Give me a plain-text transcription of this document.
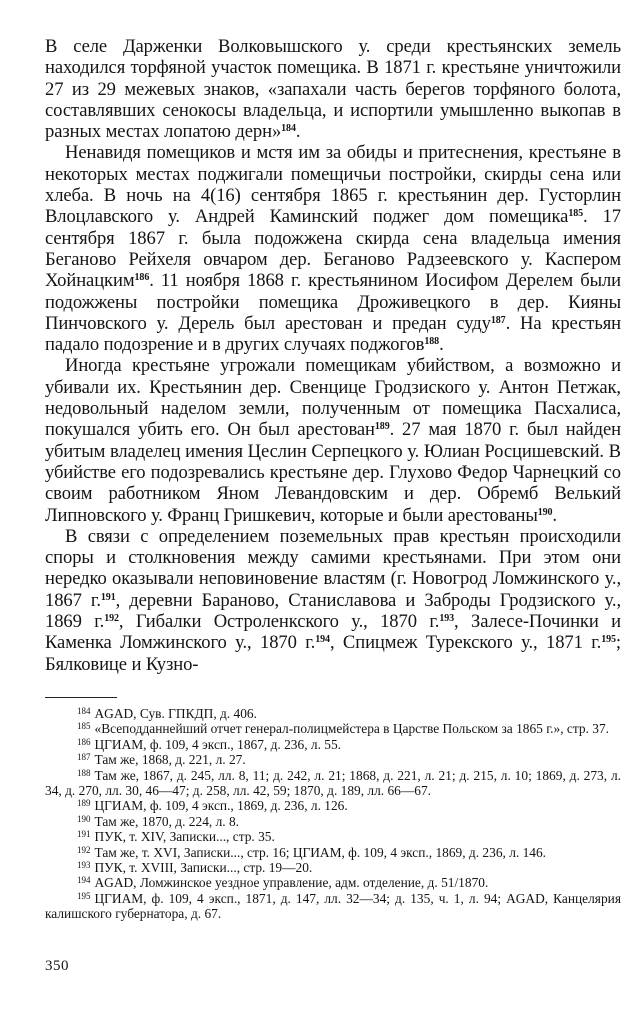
В селе Дарженки Волковышского у. среди крестьянских земель находился торфяной участок помещика. В 1871 г. крестьяне уничтожили 27 из 29 межевых знаков, «запахали часть берегов торфяного болота, составлявших сенокосы владельца, и испортили умышленно выкопав в разных местах лопатою дерн»$^{184}$.

Ненавидя помещиков и мстя им за обиды и притеснения, крестьяне в некоторых местах поджигали помещичьи постройки, скирды сена или хлеба. В ночь на 4(16) сентября 1865 г. крестьянин дер. Густорлин Влоцлавского у. Андрей Каминский поджег дом помещика$^{185}$. 17 сентября 1867 г. была подожжена скирда сена владельца имения Беганово Рейхеля овчаром дер. Беганово Радзеевского у. Каспером Хойнацким$^{186}$. 11 ноября 1868 г. крестьянином Иосифом Дерелем были подожжены постройки помещика Дроживецкого в дер. Кияны Пинчовского у. Дерель был арестован и предан суду$^{187}$. На крестьян падало подозрение и в других случаях поджогов$^{188}$.

Иногда крестьяне угрожали помещикам убийством, а возможно и убивали их. Крестьянин дер. Свенцице Гродзиского у. Антон Петжак, недовольный наделом земли, полученным от помещика Пасхалиса, покушался убить его. Он был арестован$^{189}$. 27 мая 1870 г. был найден убитым владелец имения Цеслин Серпецкого у. Юлиан Росцишевский. В убийстве его подозревались крестьяне дер. Глухово Федор Чарнецкий со своим работником Яном Левандовским и дер. Обремб Велький Липновского у. Франц Гришкевич, которые и были арестованы$^{190}$.

В связи с определением поземельных прав крестьян происходили споры и столкновения между самими крестьянами. При этом они нередко оказывали неповиновение властям (г. Новогрод Ломжинского у., 1867 г.$^{191}$, деревни Бараново, Станиславова и Заброды Гродзиского у., 1869 г.$^{192}$, Гибалки Остроленкского у., 1870 г.$^{193}$, Залесе-Починки и Каменка Ломжинского у., 1870 г.$^{194}$, Спицмеж Турекского у., 1871 г.$^{195}$; Бялковице и Кузно-

$^{184}$ AGAD, Сув. ГПКДП, д. 406.

$^{185}$ «Всеподданнейший отчет генерал-полицмейстера в Царстве Польском за 1865 г.», стр. 37.

$^{186}$ ЦГИАМ, ф. 109, 4 эксп., 1867, д. 236, л. 55.

$^{187}$ Там же, 1868, д. 221, л. 27.

$^{188}$ Там же, 1867, д. 245, лл. 8, 11; д. 242, л. 21; 1868, д. 221, л. 21; д. 215, л. 10; 1869, д. 273, л. 34, д. 270, лл. 30, 46—47; д. 258, лл. 42, 59; 1870, д. 189, лл. 66—67.

$^{189}$ ЦГИАМ, ф. 109, 4 эксп., 1869, д. 236, л. 126.

$^{190}$ Там же, 1870, д. 224, л. 8.

$^{191}$ ПУК, т. XIV, Записки..., стр. 35.

$^{192}$ Там же, т. XVI, Записки..., стр. 16; ЦГИАМ, ф. 109, 4 эксп., 1869, д. 236, л. 146.

$^{193}$ ПУК, т. XVIII, Записки..., стр. 19—20.

$^{194}$ AGAD, Ломжинское уездное управление, адм. отделение, д. 51/1870.

$^{195}$ ЦГИАМ, ф. 109, 4 эксп., 1871, д. 147, лл. 32—34; д. 135, ч. 1, л. 94; AGAD, Канцелярия калишского губернатора, д. 67.

350
